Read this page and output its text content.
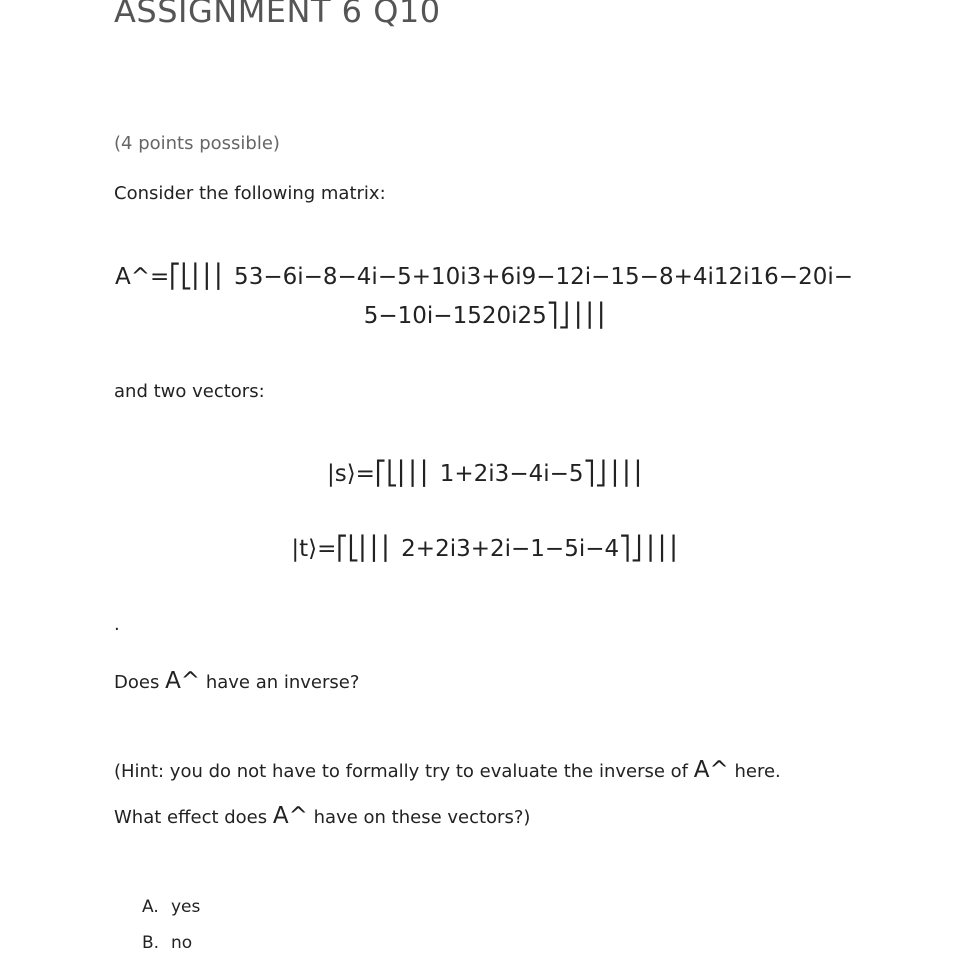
ASSIGNMENT 6 Q10
(4 points possible)
Consider the following matrix:
A^=⎡⎣⎢⎢⎢ 53−6i−8−4i−5+10i3+6i9−12i−15−8+4i12i16−20i−
5−10i−1520i25⎤⎦⎥⎥⎥
and two vectors:
|s⟩=⎡⎣⎢⎢⎢ 1+2i3−4i−5⎤⎦⎥⎥⎥
|t⟩=⎡⎣⎢⎢⎢ 2+2i3+2i−1−5i−4⎤⎦⎥⎥⎥
.
Does A^ have an inverse?
(Hint: you do not have to formally try to evaluate the inverse of A^ here.
What effect does A^ have on these vectors?)
A. yes
B. no
